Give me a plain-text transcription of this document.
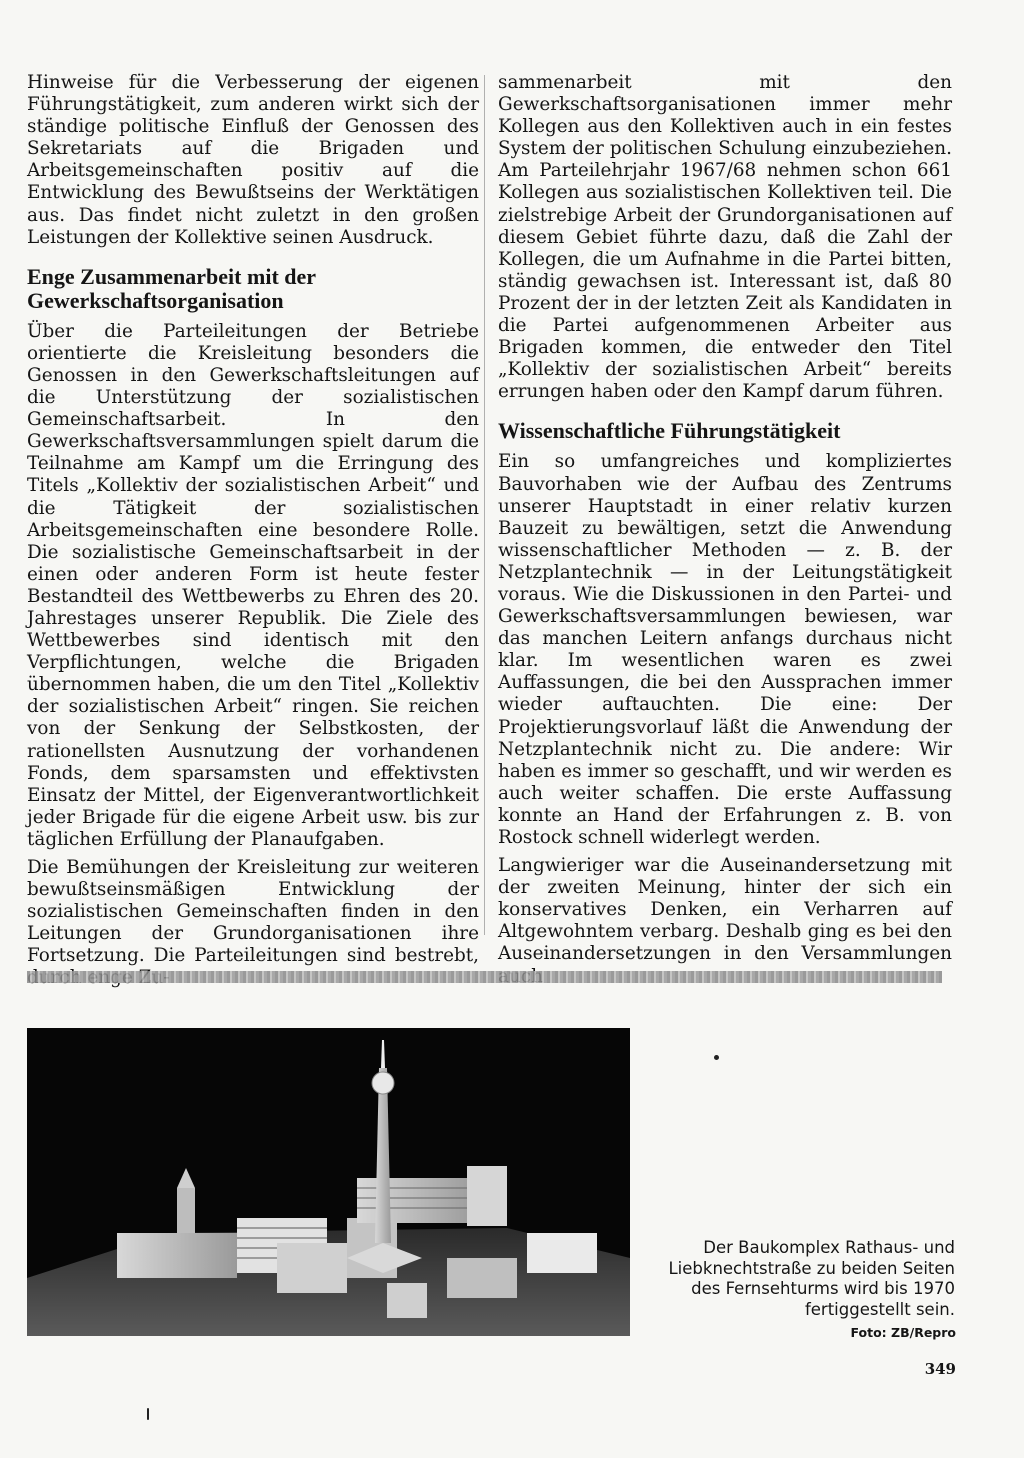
Hinweise für die Verbesserung der eigenen Führungstätigkeit, zum anderen wirkt sich der ständige politische Einfluß der Genossen des Sekretariats auf die Brigaden und Arbeitsgemeinschaften positiv auf die Entwicklung des Bewußtseins der Werktätigen aus. Das findet nicht zuletzt in den großen Leistungen der Kollektive seinen Ausdruck.

Enge Zusammenarbeit mit der Gewerkschaftsorganisation

Über die Parteileitungen der Betriebe orientierte die Kreisleitung besonders die Genossen in den Gewerkschaftsleitungen auf die Unterstützung der sozialistischen Gemeinschaftsarbeit. In den Gewerkschaftsversammlungen spielt darum die Teilnahme am Kampf um die Erringung des Titels „Kollektiv der sozialistischen Arbeit“ und die Tätigkeit der sozialistischen Arbeitsgemeinschaften eine besondere Rolle. Die sozialistische Gemeinschaftsarbeit in der einen oder anderen Form ist heute fester Bestandteil des Wettbewerbs zu Ehren des 20. Jahrestages unserer Republik. Die Ziele des Wettbewerbes sind identisch mit den Verpflichtungen, welche die Brigaden übernommen haben, die um den Titel „Kollektiv der sozialistischen Arbeit“ ringen. Sie reichen von der Senkung der Selbstkosten, der rationellsten Ausnutzung der vorhandenen Fonds, dem sparsamsten und effektivsten Einsatz der Mittel, der Eigenverantwortlichkeit jeder Brigade für die eigene Arbeit usw. bis zur täglichen Erfüllung der Planaufgaben.

Die Bemühungen der Kreisleitung zur weiteren bewußtseinsmäßigen Entwicklung der sozialistischen Gemeinschaften finden in den Leitungen der Grundorganisationen ihre Fortsetzung. Die Parteileitungen sind bestrebt,

sammenarbeit mit den Gewerkschaftsorganisationen immer mehr Kollegen aus den Kollektiven auch in ein festes System der politischen Schulung einzubeziehen. Am Parteilehrjahr 1967/68 nehmen schon 661 Kollegen aus sozialistischen Kollektiven teil. Die zielstrebige Arbeit der Grundorganisationen auf diesem Gebiet führte dazu, daß die Zahl der Kollegen, die um Aufnahme in die Partei bitten, ständig gewachsen ist. Interessant ist, daß 80 Prozent der in der letzten Zeit als Kandidaten in die Partei aufgenommenen Arbeiter aus Brigaden kommen, die entweder den Titel „Kollektiv der sozialistischen Arbeit“ bereits errungen haben oder den Kampf darum führen.

Wissenschaftliche Führungstätigkeit

Ein so umfangreiches und kompliziertes Bauvorhaben wie der Aufbau des Zentrums unserer Hauptstadt in einer relativ kurzen Bauzeit zu bewältigen, setzt die Anwendung wissenschaftlicher Methoden — z. B. der Netzplantechnik — in der Leitungstätigkeit voraus. Wie die Diskussionen in den Partei- und Gewerkschaftsversammlungen bewiesen, war das manchen Leitern anfangs durchaus nicht klar. Im wesentlichen waren es zwei Auffassungen, die bei den Aussprachen immer wieder auftauchten. Die eine: Der Projektierungsvorlauf läßt die Anwendung der Netzplantechnik nicht zu. Die andere: Wir haben es immer so geschafft, und wir werden es auch weiter schaffen. Die erste Auffassung konnte an Hand der Erfahrungen z. B. von Rostock schnell widerlegt werden.

Langwieriger war die Auseinandersetzung mit der zweiten Meinung, hinter der sich ein konservatives Denken, ein Verharren auf Altgewohntem verbarg. Deshalb ging es bei den Auseinandersetzungen in den Versammlungen

Der Baukomplex Rathaus- und Liebknechtstraße zu beiden Seiten des Fernsehturms wird bis 1970 fertiggestellt sein.
Foto: ZB/Repro
349
